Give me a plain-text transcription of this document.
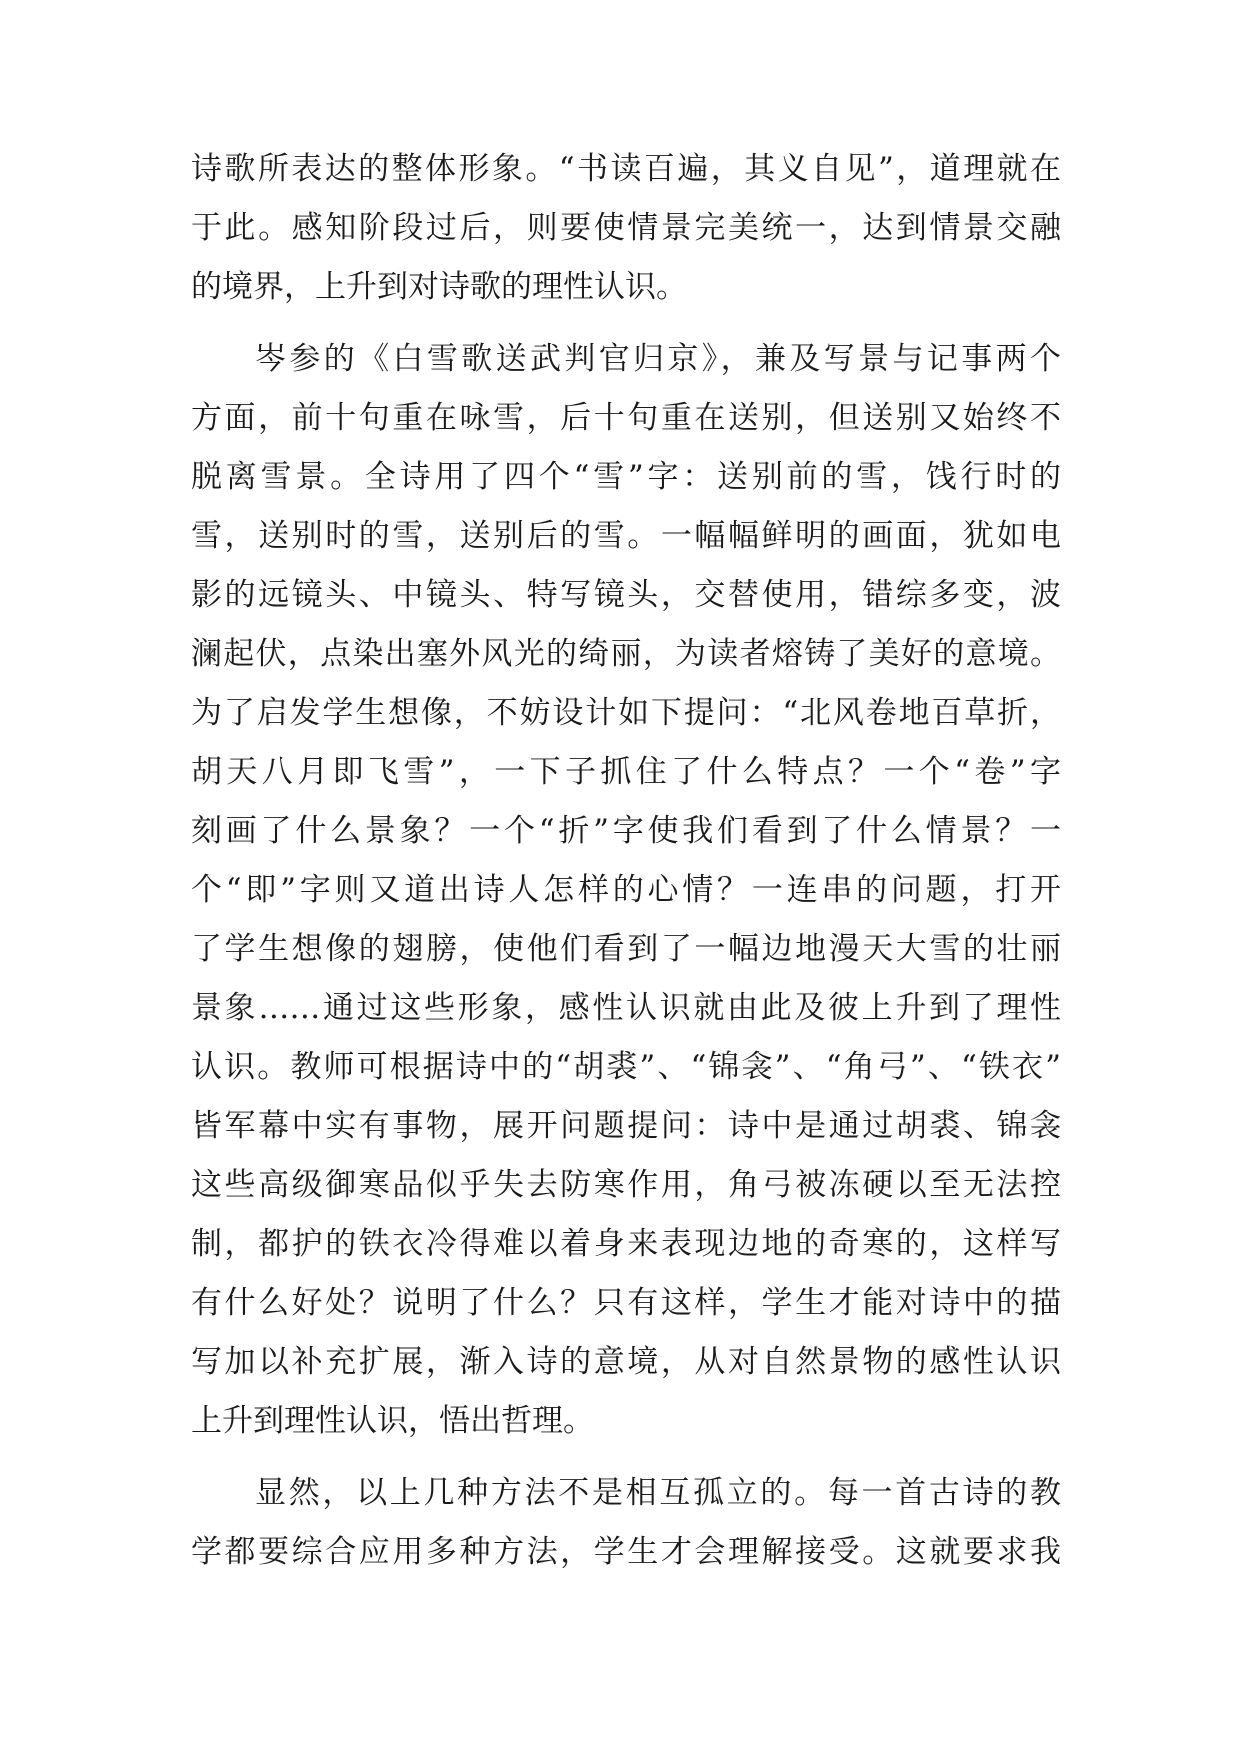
诗歌所表达的整体形象。“书读百遍，其义自见”，道理就在
于此。感知阶段过后，则要使情景完美统一，达到情景交融
的境界，上升到对诗歌的理性认识。
岑参的《白雪歌送武判官归京》，兼及写景与记事两个
方面，前十句重在咏雪，后十句重在送别，但送别又始终不
脱离雪景。全诗用了四个“雪”字：送别前的雪，饯行时的
雪，送别时的雪，送别后的雪。一幅幅鲜明的画面，犹如电
影的远镜头、中镜头、特写镜头，交替使用，错综多变，波
澜起伏，点染出塞外风光的绮丽，为读者熔铸了美好的意境。
为了启发学生想像，不妨设计如下提问：“北风卷地百草折，
胡天八月即飞雪”，一下子抓住了什么特点？一个“卷”字
刻画了什么景象？一个“折”字使我们看到了什么情景？一
个“即”字则又道出诗人怎样的心情？一连串的问题，打开
了学生想像的翅膀，使他们看到了一幅边地漫天大雪的壮丽
景象……通过这些形象，感性认识就由此及彼上升到了理性
认识。教师可根据诗中的“胡裘”、“锦衾”、“角弓”、“铁衣”
皆军幕中实有事物，展开问题提问：诗中是通过胡裘、锦衾
这些高级御寒品似乎失去防寒作用，角弓被冻硬以至无法控
制，都护的铁衣冷得难以着身来表现边地的奇寒的，这样写
有什么好处？说明了什么？只有这样，学生才能对诗中的描
写加以补充扩展，渐入诗的意境，从对自然景物的感性认识
上升到理性认识，悟出哲理。
显然，以上几种方法不是相互孤立的。每一首古诗的教
学都要综合应用多种方法，学生才会理解接受。这就要求我
